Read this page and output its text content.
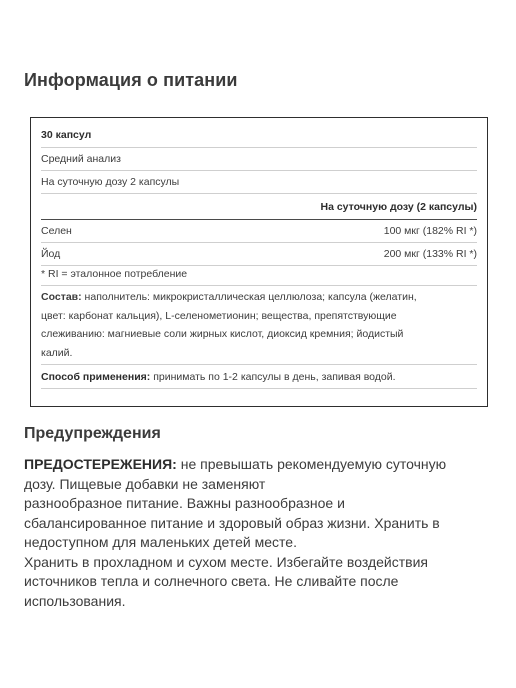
Информация о питании
30 капсул
Средний анализ
На суточную дозу 2 капсулы
На суточную дозу (2 капсулы)
Селен	100 мкг (182% RI *)
Йод	200 мкг (133% RI *)
* RI = эталонное потребление
Состав: наполнитель: микрокристаллическая целлюлоза; капсула (желатин,
цвет: карбонат кальция), L-селенометионин; вещества, препятствующие
слеживанию: магниевые соли жирных кислот, диоксид кремния; йодистый
калий.
Способ применения: принимать по 1-2 капсулы в день, запивая водой.
Предупреждения
ПРЕДОСТЕРЕЖЕНИЯ: не превышать рекомендуемую суточную
дозу. Пищевые добавки не заменяют
разнообразное питание. Важны разнообразное и
сбалансированное питание и здоровый образ жизни. Хранить в
недоступном для маленьких детей месте.
Хранить в прохладном и сухом месте. Избегайте воздействия
источников тепла и солнечного света. Не сливайте после
использования.
